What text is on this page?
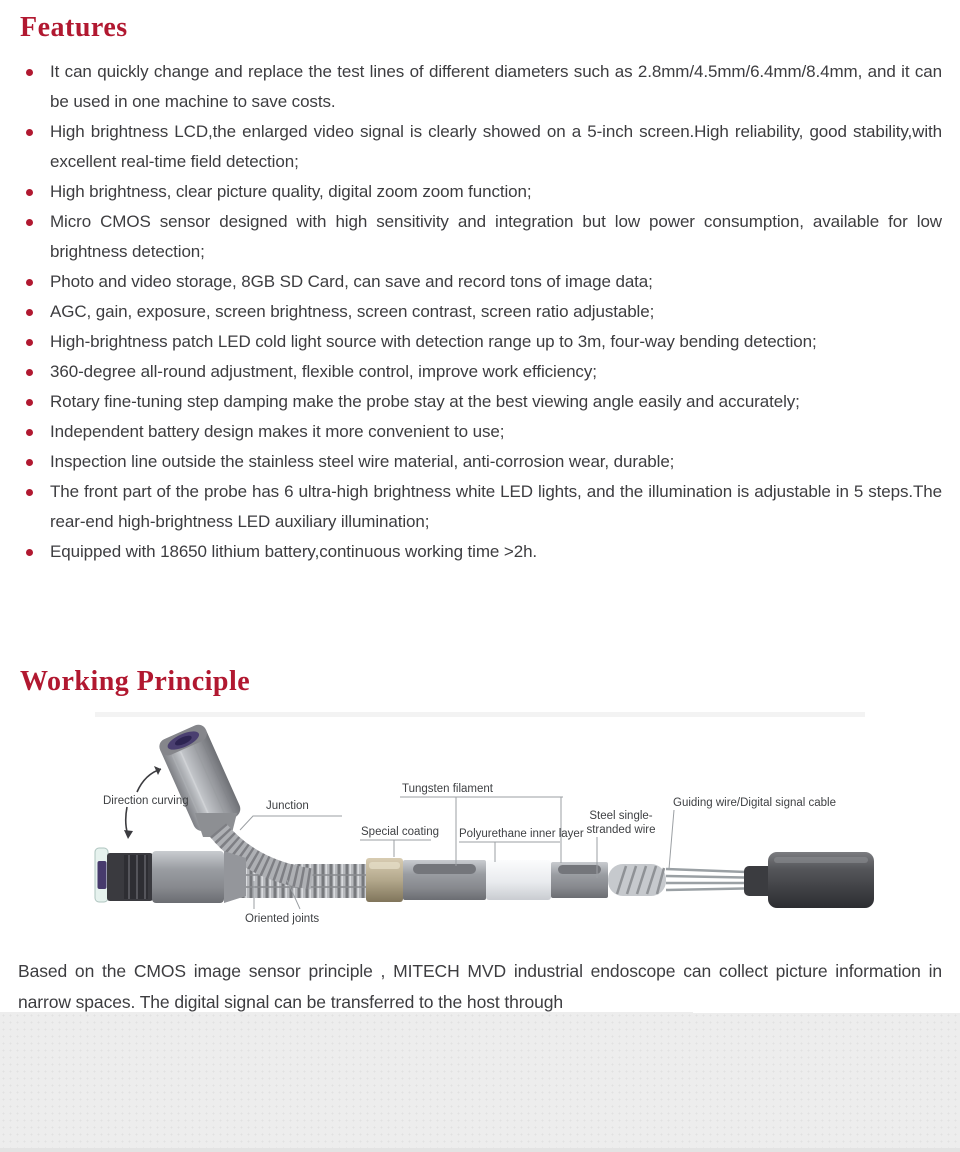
Features
It can quickly change and replace the test lines of different diameters such as 2.8mm/4.5mm/6.4mm/8.4mm, and it can be used in one machine to save costs.
High brightness LCD,the enlarged video signal is clearly showed on a 5-inch screen.High reliability, good stability,with excellent real-time field detection;
High brightness, clear picture quality, digital zoom zoom function;
Micro CMOS sensor designed with high sensitivity and integration but low power consumption, available for low brightness detection;
Photo and video storage, 8GB SD Card, can save and record tons of image data;
AGC, gain, exposure, screen brightness, screen contrast, screen ratio adjustable;
High-brightness patch LED cold light source with detection range up to 3m, four-way bending detection;
360-degree all-round adjustment, flexible control, improve work efficiency;
Rotary fine-tuning step damping make the probe stay at the best viewing angle easily and accurately;
Independent battery design makes it more convenient to use;
Inspection line outside the stainless steel wire material, anti-corrosion wear, durable;
The front part of the probe has 6 ultra-high brightness white LED lights, and the illumination is adjustable in 5 steps.The rear-end high-brightness LED auxiliary illumination;
Equipped with 18650 lithium battery,continuous working time >2h.
Working Principle
Direction curving	Junction
Tungsten filament
Special coating Polyurethane inner layer
Steel single-
stranded wire
Guiding wire/Digital signal cable
Oriented joints

Based on the CMOS image sensor principle , MITECH MVD industrial endoscope can collect picture information in narrow spaces. The digital signal can be transferred to the host through
